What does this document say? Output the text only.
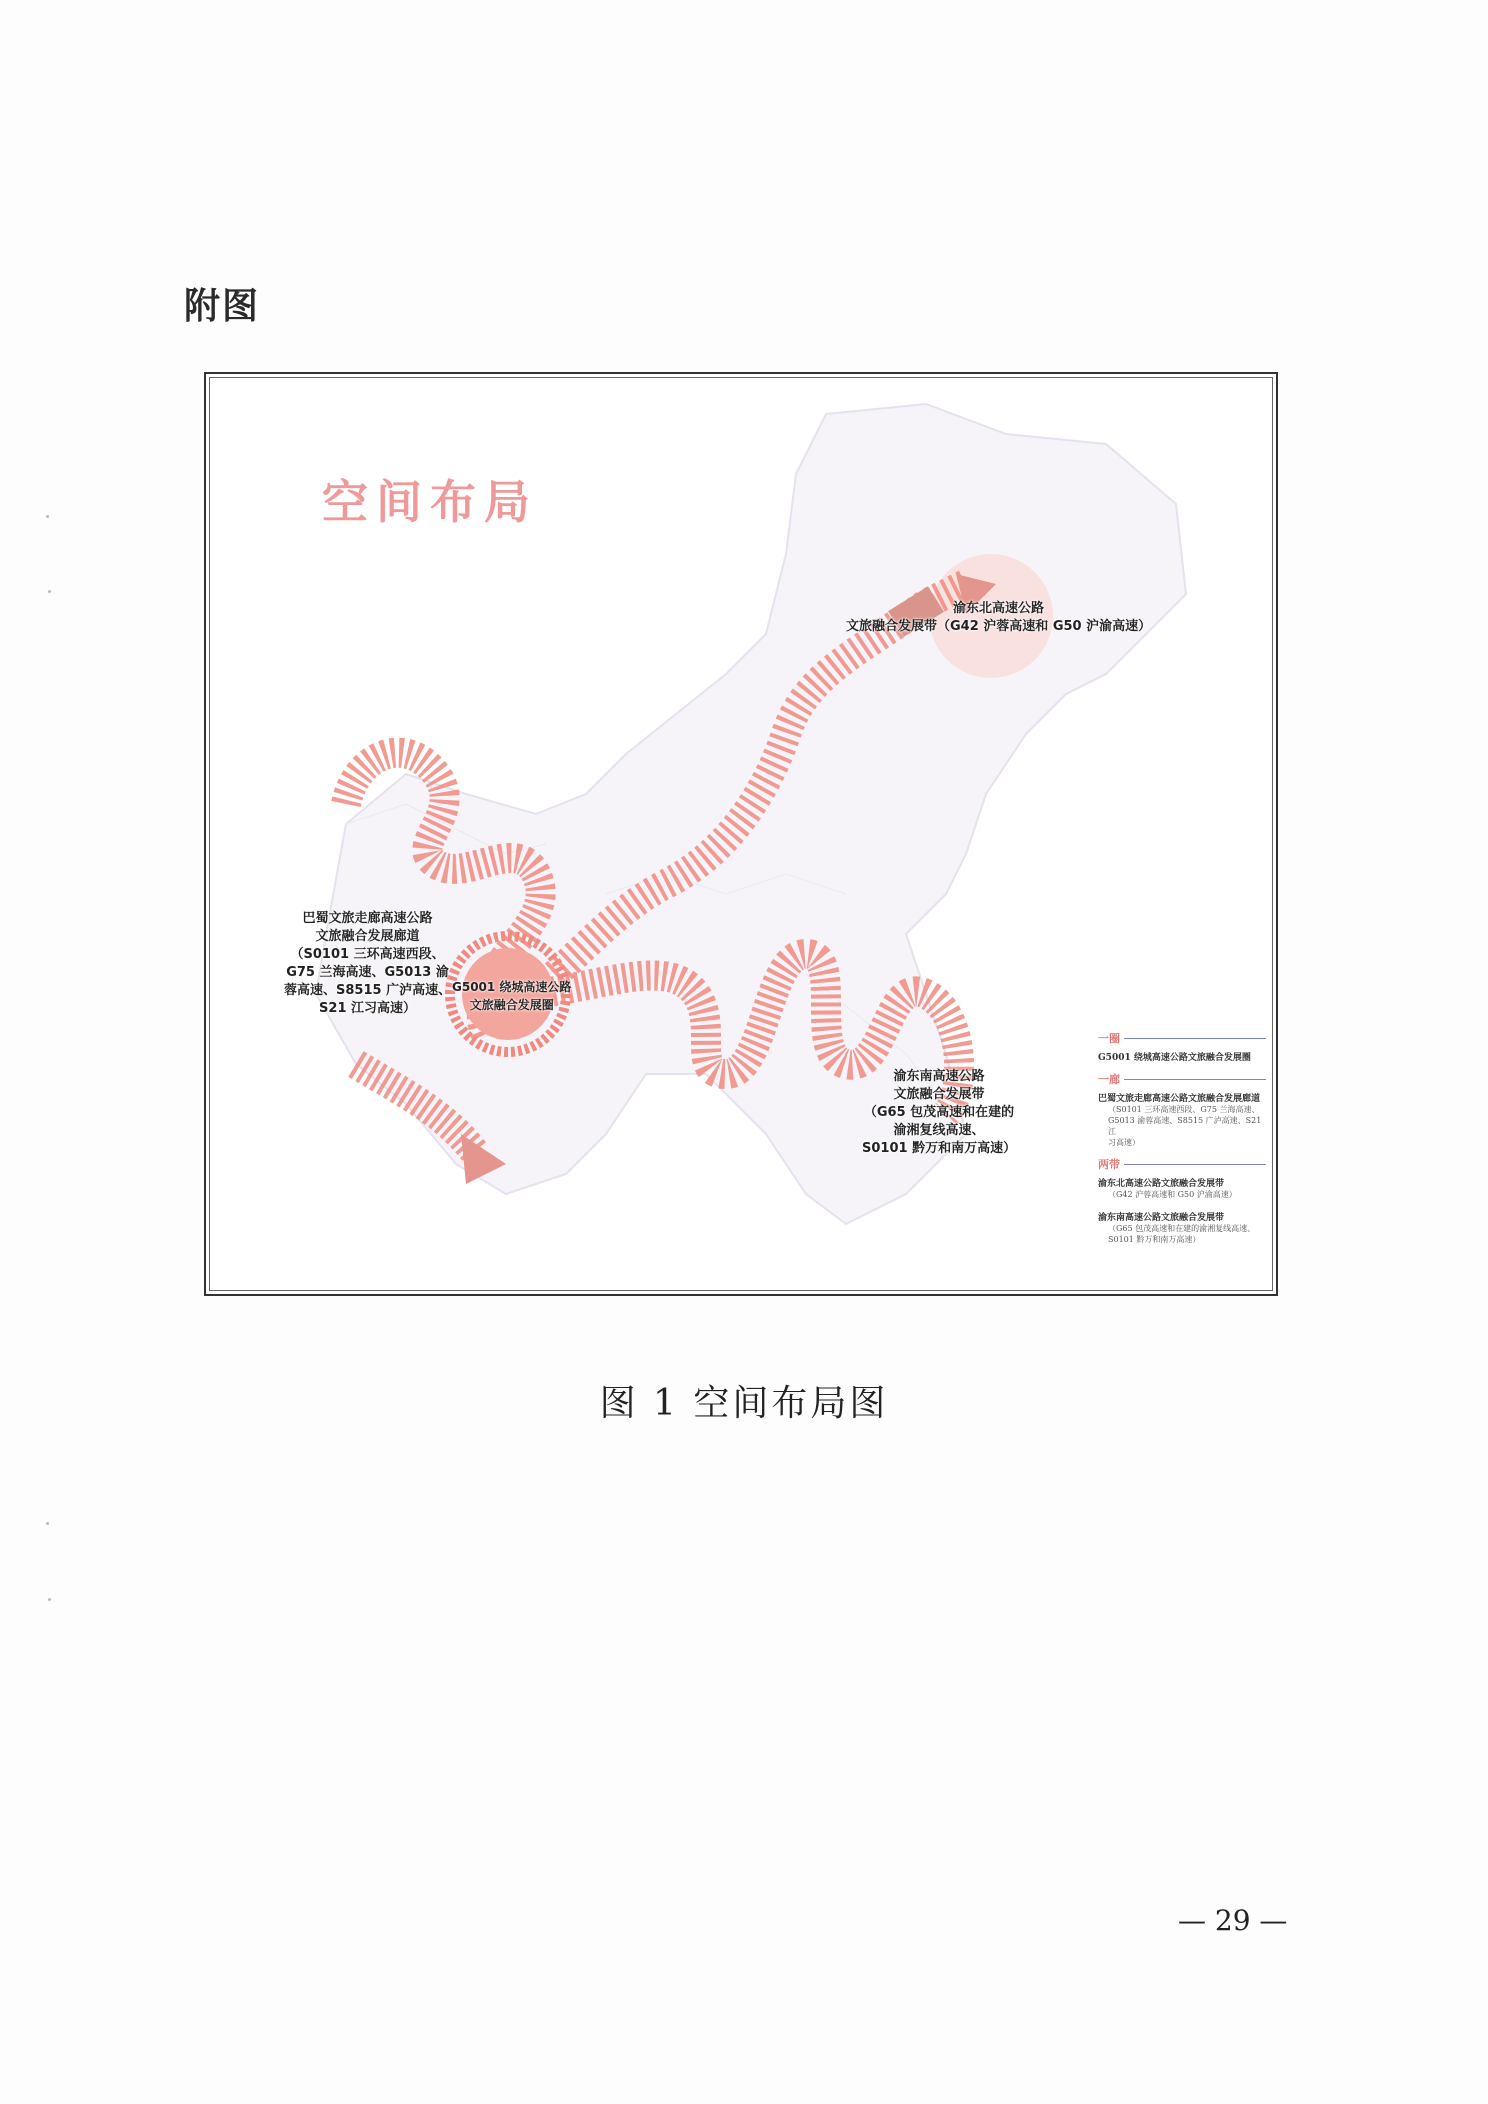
附图
空间布局
渝东北高速公路
文旅融合发展带（G42 沪蓉高速和 G50 沪渝高速）
巴蜀文旅走廊高速公路
文旅融合发展廊道
（S0101 三环高速西段、
G75 兰海高速、G5013 渝
蓉高速、S8515 广泸高速、
S21 江习高速）
G5001 绕城高速公路
文旅融合发展圈
渝东南高速公路
文旅融合发展带
（G65 包茂高速和在建的
渝湘复线高速、
S0101 黔万和南万高速）
一圈
G5001 绕城高速公路文旅融合发展圈
一廊
巴蜀文旅走廊高速公路文旅融合发展廊道
（S0101 三环高速西段、G75 兰海高速、
G5013 渝蓉高速、S8515 广泸高速、S21 江
习高速）
两带
渝东北高速公路文旅融合发展带
（G42 沪蓉高速和 G50 沪渝高速）
渝东南高速公路文旅融合发展带
（G65 包茂高速和在建的渝湘复线高速、
S0101 黔万和南万高速）
图 1 空间布局图
— 29 —
